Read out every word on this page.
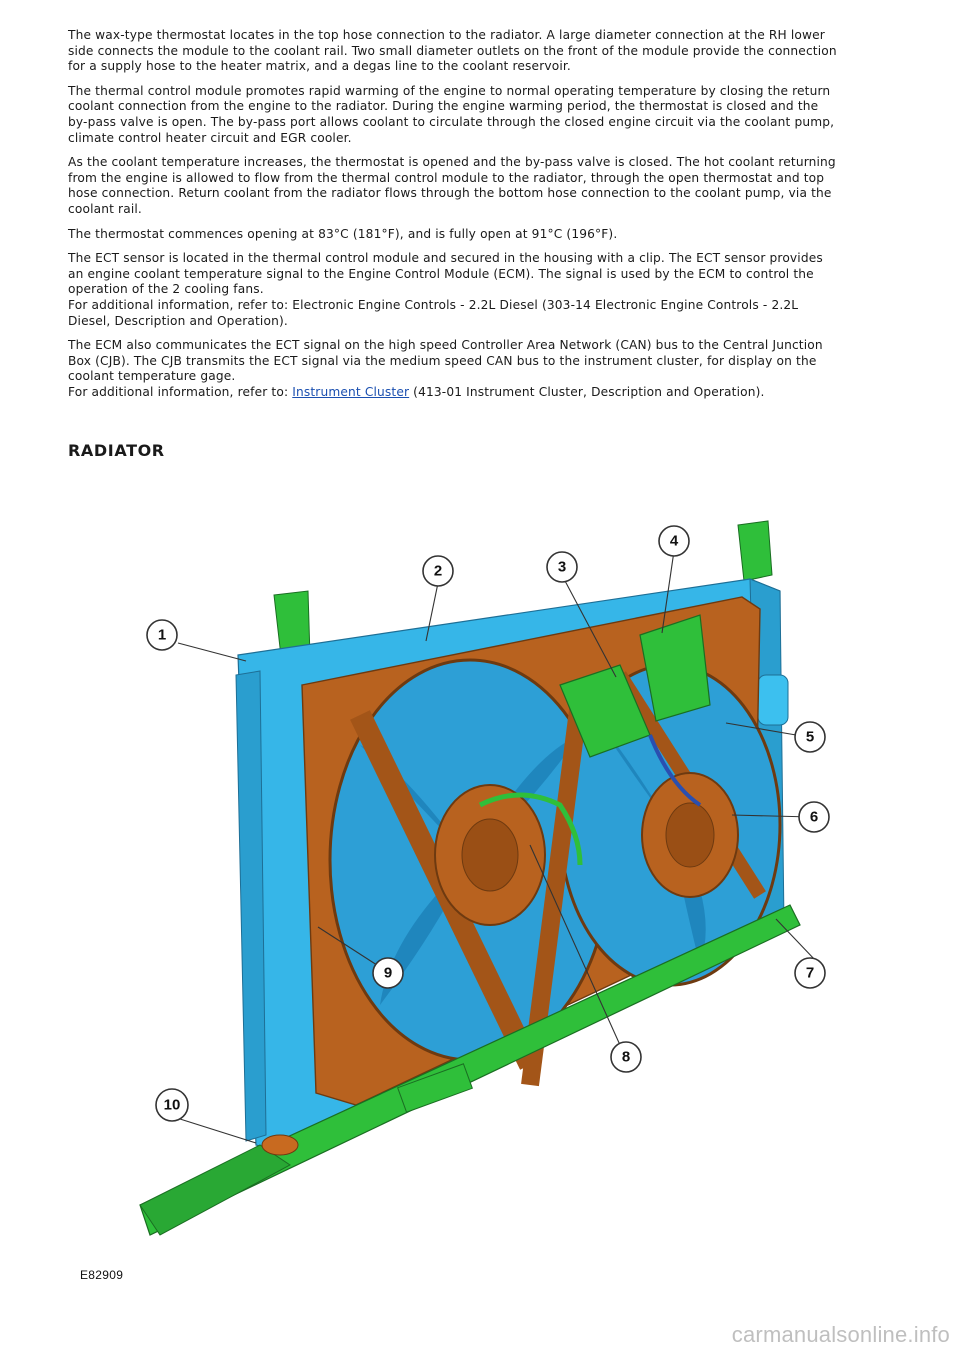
The wax-type thermostat locates in the top hose connection to the radiator. A large diameter connection at the RH lower
side connects the module to the coolant rail. Two small diameter outlets on the front of the module provide the connection
for a supply hose to the heater matrix, and a degas line to the coolant reservoir.

The thermal control module promotes rapid warming of the engine to normal operating temperature by closing the return
coolant connection from the engine to the radiator. During the engine warming period, the thermostat is closed and the
by-pass valve is open. The by-pass port allows coolant to circulate through the closed engine circuit via the coolant pump,
climate control heater circuit and EGR cooler.

As the coolant temperature increases, the thermostat is opened and the by-pass valve is closed. The hot coolant returning
from the engine is allowed to flow from the thermal control module to the radiator, through the open thermostat and top
hose connection. Return coolant from the radiator flows through the bottom hose connection to the coolant pump, via the
coolant rail.

The thermostat commences opening at 83°C (181°F), and is fully open at 91°C (196°F).

The ECT sensor is located in the thermal control module and secured in the housing with a clip. The ECT sensor provides
an engine coolant temperature signal to the Engine Control Module (ECM). The signal is used by the ECM to control the
operation of the 2 cooling fans.
For additional information, refer to: Electronic Engine Controls - 2.2L Diesel (303-14 Electronic Engine Controls - 2.2L
Diesel, Description and Operation).

The ECM also communicates the ECT signal on the high speed Controller Area Network (CAN) bus to the Central Junction
Box (CJB). The CJB transmits the ECT signal via the medium speed CAN bus to the instrument cluster, for display on the
coolant temperature gage.
For additional information, refer to: Instrument Cluster (413-01 Instrument Cluster, Description and Operation).

RADIATOR
1
2	3
4
5
6
7
8
9
10
E82909
carmanualsonline.info
